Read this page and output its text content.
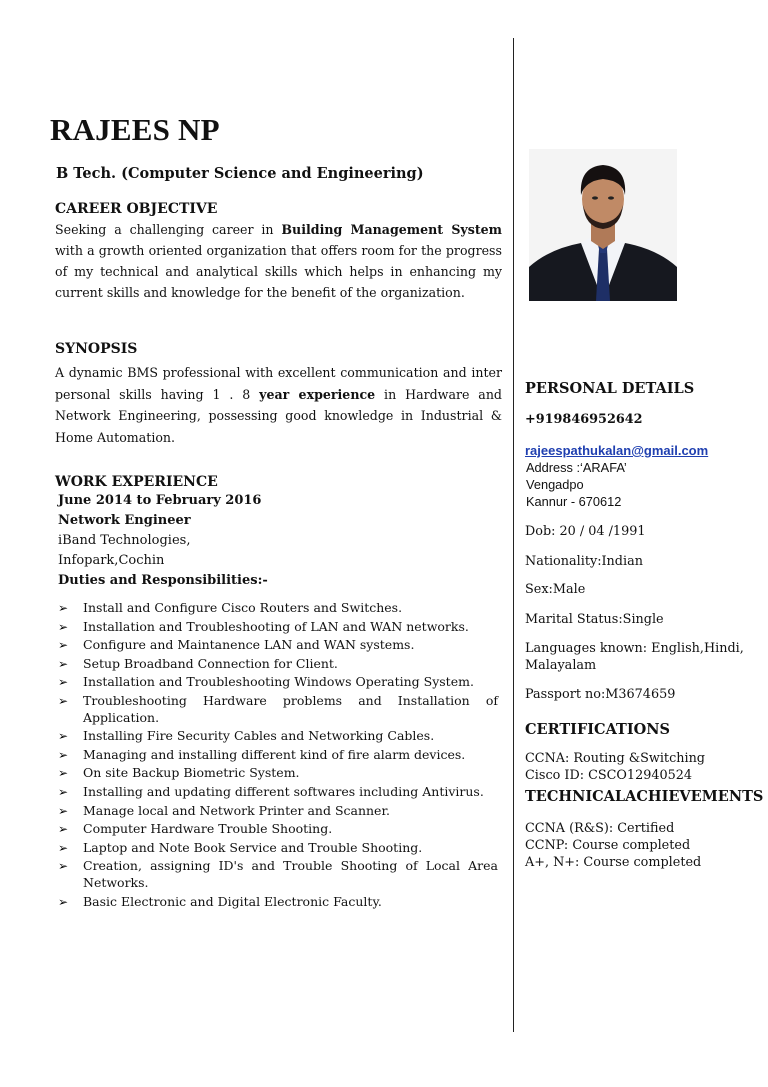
RAJEES NP
B Tech. (Computer Science and Engineering)
CAREER OBJECTIVE
Seeking a challenging career in Building Management System with a growth oriented organization that offers room for the progress of my technical and analytical skills which helps in enhancing my current skills and knowledge for the benefit of the organization.
SYNOPSIS
A dynamic BMS professional with excellent communication and inter personal skills having 1 . 8 year experience in Hardware and Network Engineering, possessing good knowledge in Industrial & Home Automation.
WORK EXPERIENCE
June 2014 to February 2016
Network Engineer
iBand Technologies,
Infopark,Cochin
Duties and Responsibilities:-
➢ Install and Configure Cisco Routers and Switches.
➢ Installation and Troubleshooting of LAN and WAN networks.
➢ Configure and Maintanence LAN and WAN systems.
➢ Setup Broadband Connection for Client.
➢ Installation and Troubleshooting Windows Operating System.
➢ Troubleshooting Hardware problems and Installation of Application.
➢ Installing Fire Security Cables and Networking Cables.
➢ Managing and installing different kind of fire alarm devices.
➢ On site Backup Biometric System.
➢ Installing and updating different softwares including Antivirus.
➢ Manage local and Network Printer and Scanner.
➢ Computer Hardware Trouble Shooting.
➢ Laptop and Note Book Service and Trouble Shooting.
➢ Creation, assigning ID's and Trouble Shooting of Local Area Networks.
➢ Basic Electronic and Digital Electronic Faculty.
PERSONAL DETAILS
+919846952642
rajeespathukalan@gmail.com
Address :‘ARAFA’
Vengadpo
Kannur - 670612
Dob: 20 / 04 /1991
Nationality:Indian
Sex:Male
Marital Status:Single
Languages known: English,Hindi,
Malayalam
Passport no:M3674659
CERTIFICATIONS
CCNA: Routing &Switching
Cisco ID: CSCO12940524
TECHNICALACHIEVEMENTS
CCNA (R&S): Certified
CCNP: Course completed
A+, N+: Course completed
